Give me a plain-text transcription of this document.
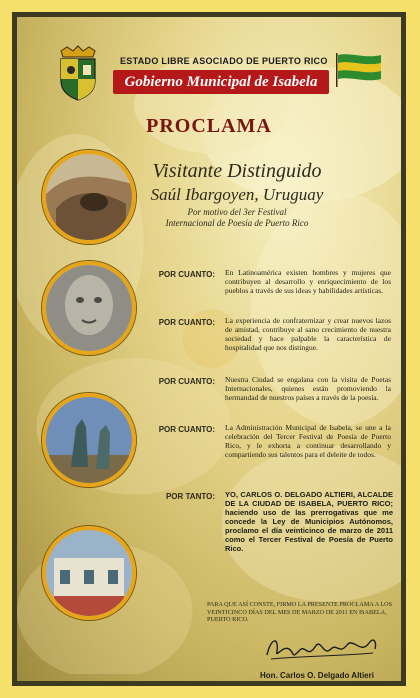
ESTADO LIBRE ASOCIADO DE PUERTO RICO
Gobierno Municipal de Isabela
PROCLAMA
Visitante Distinguido
Saúl Ibargoyen, Uruguay
Por motivo del 3er Festival
Internacional de Poesía de Puerto Rico
POR CUANTO: En Latinoamérica existen hombres y mujeres que contribuyen al desarrollo y enriquecimiento de los pueblos a través de sus ideas y habilidades artísticas.
POR CUANTO: La experiencia de confraternizar y crear nuevos lazos de amistad, contribuye al sano crecimiento de nuestra sociedad y hace palpable la característica de hospitalidad que nos distingue.
POR CUANTO: Nuestra Ciudad se engalana con la visita de Poetas Internacionales, quienes están promoviendo la hermandad de nuestros países a través de la poesía.
POR CUANTO: La Administración Municipal de Isabela, se une a la celebración del Tercer Festival de Poesía de Puerto Rico, y le exhorta a continuar desarrollando y compartiendo sus talentos para el deleite de todos.
POR TANTO: YO, CARLOS O. DELGADO ALTIERI, ALCALDE DE LA CIUDAD DE ISABELA, PUERTO RICO; haciendo uso de las prerrogativas que me concede la Ley de Municipios Autónomos, proclamo el día veinticinco de marzo de 2011 como el Tercer Festival de Poesía de Puerto Rico.
PARA QUE ASÍ CONSTE, FIRMO LA PRESENTE PROCLAMA A LOS VEINTICINCO DÍAS DEL MES DE MARZO DE 2011 EN ISABELA, PUERTO RICO.
Hon. Carlos O. Delgado Altieri
Alcalde
